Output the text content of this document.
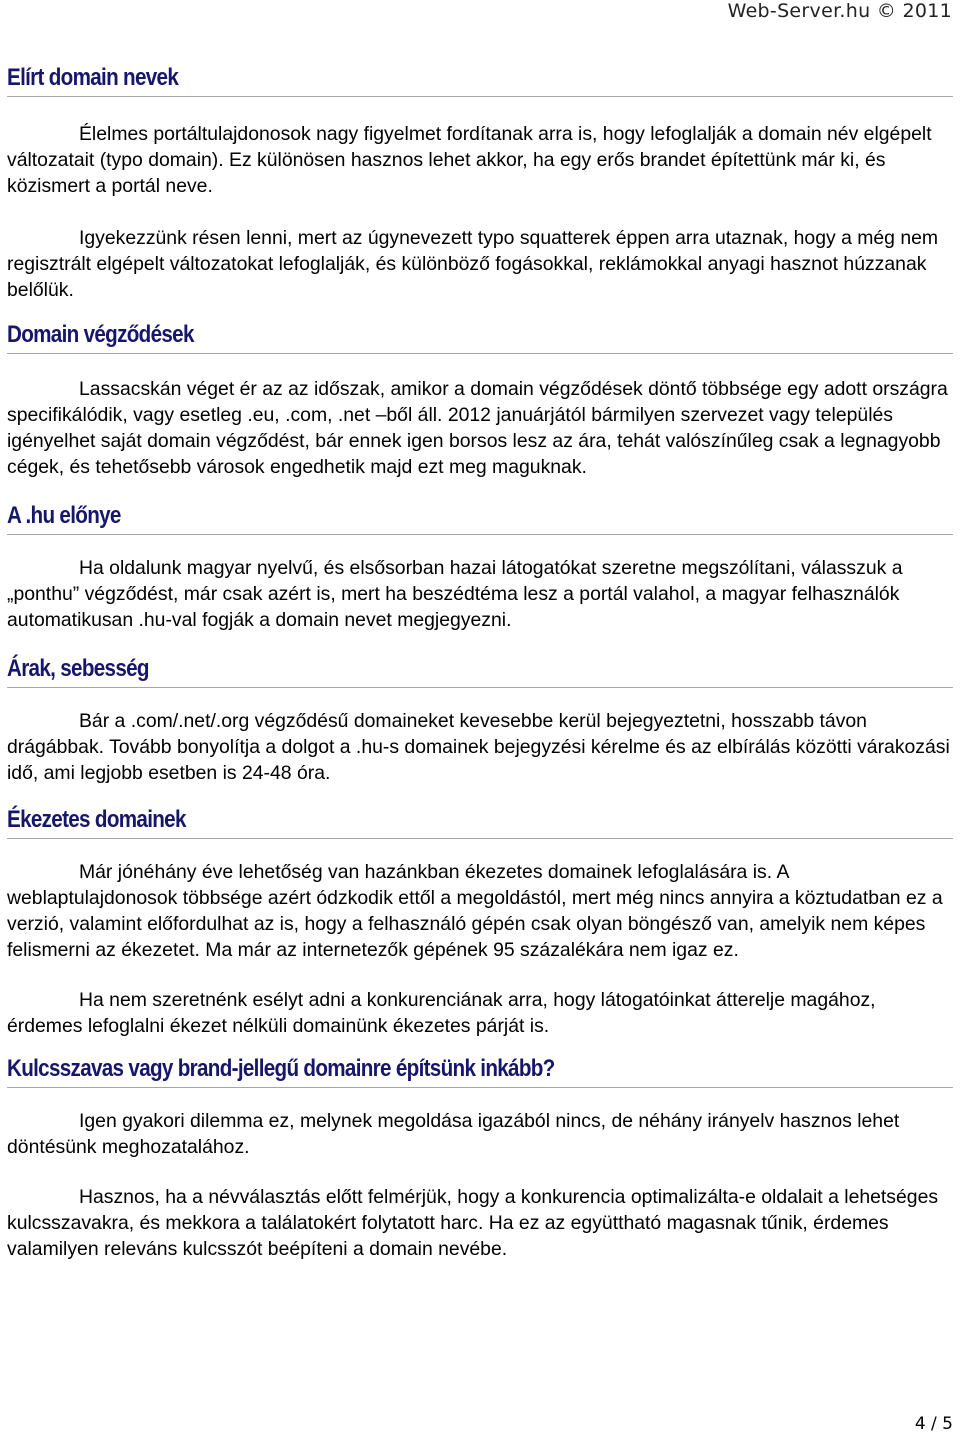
Web-Server.hu © 2011
Elírt domain nevek

Élelmes portáltulajdonosok nagy figyelmet fordítanak arra is, hogy lefoglalják a domain név elgépelt változatait (typo domain). Ez különösen hasznos lehet akkor, ha egy erős brandet építettünk már ki, és közismert a portál neve.

Igyekezzünk résen lenni, mert az úgynevezett typo squatterek éppen arra utaznak, hogy a még nem regisztrált elgépelt változatokat lefoglalják, és különböző fogásokkal, reklámokkal anyagi hasznot húzzanak belőlük.

Domain végződések

Lassacskán véget ér az az időszak, amikor a domain végződések döntő többsége egy adott országra specifikálódik, vagy esetleg .eu, .com, .net –ből áll. 2012 januárjától bármilyen szervezet vagy település igényelhet saját domain végződést, bár ennek igen borsos lesz az ára, tehát valószínűleg csak a legnagyobb cégek, és tehetősebb városok engedhetik majd ezt meg maguknak.

A .hu előnye

Ha oldalunk magyar nyelvű, és elsősorban hazai látogatókat szeretne megszólítani, válasszuk a „ponthu” végződést, már csak azért is, mert ha beszédtéma lesz a portál valahol, a magyar felhasználók automatikusan .hu-val fogják a domain nevet megjegyezni.

Árak, sebesség

Bár a .com/.net/.org végződésű domaineket kevesebbe kerül bejegyeztetni, hosszabb távon drágábbak. Tovább bonyolítja a dolgot a .hu-s domainek bejegyzési kérelme és az elbírálás közötti várakozási idő, ami legjobb esetben is 24-48 óra.

Ékezetes domainek

Már jónéhány éve lehetőség van hazánkban ékezetes domainek lefoglalására is. A weblaptulajdonosok többsége azért ódzkodik ettől a megoldástól, mert még nincs annyira a köztudatban ez a verzió, valamint előfordulhat az is, hogy a felhasználó gépén csak olyan böngésző van, amelyik nem képes felismerni az ékezetet. Ma már az internetezők gépének 95 százalékára nem igaz ez.

Ha nem szeretnénk esélyt adni a konkurenciának arra, hogy látogatóinkat átterelje magához, érdemes lefoglalni ékezet nélküli domainünk ékezetes párját is.

Kulcsszavas vagy brand-jellegű domainre építsünk inkább?

Igen gyakori dilemma ez, melynek megoldása igazából nincs, de néhány irányelv hasznos lehet döntésünk meghozatalához.

Hasznos, ha a névválasztás előtt felmérjük, hogy a konkurencia optimalizálta-e oldalait a lehetséges kulcsszavakra, és mekkora a találatokért folytatott harc. Ha ez az együttható magasnak tűnik, érdemes valamilyen releváns kulcsszót beépíteni a domain nevébe.

4 / 5
